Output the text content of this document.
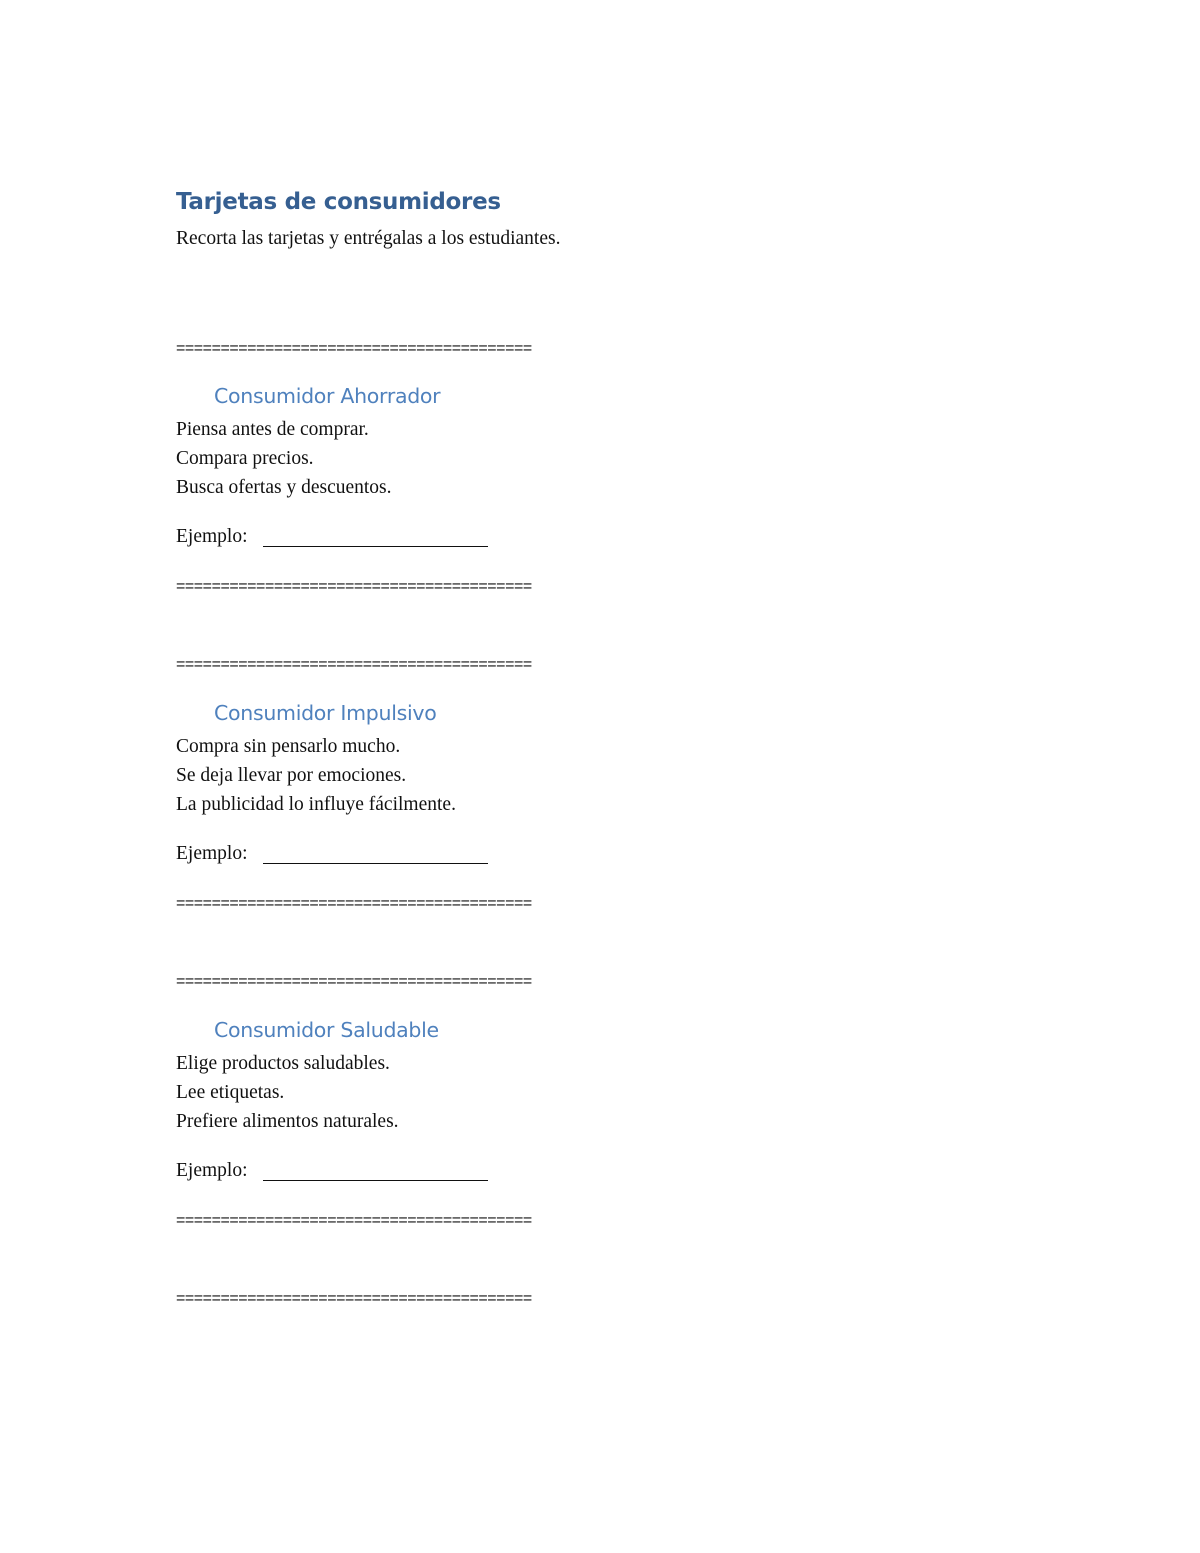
Tarjetas de consumidores
Recorta las tarjetas y entrégalas a los estudiantes.
========================================
Consumidor Ahorrador
Piensa antes de comprar.
Compara precios.
Busca ofertas y descuentos.
Ejemplo:
========================================
========================================
Consumidor Impulsivo
Compra sin pensarlo mucho.
Se deja llevar por emociones.
La publicidad lo influye fácilmente.
Ejemplo:
========================================
========================================
Consumidor Saludable
Elige productos saludables.
Lee etiquetas.
Prefiere alimentos naturales.
Ejemplo:
========================================
========================================
